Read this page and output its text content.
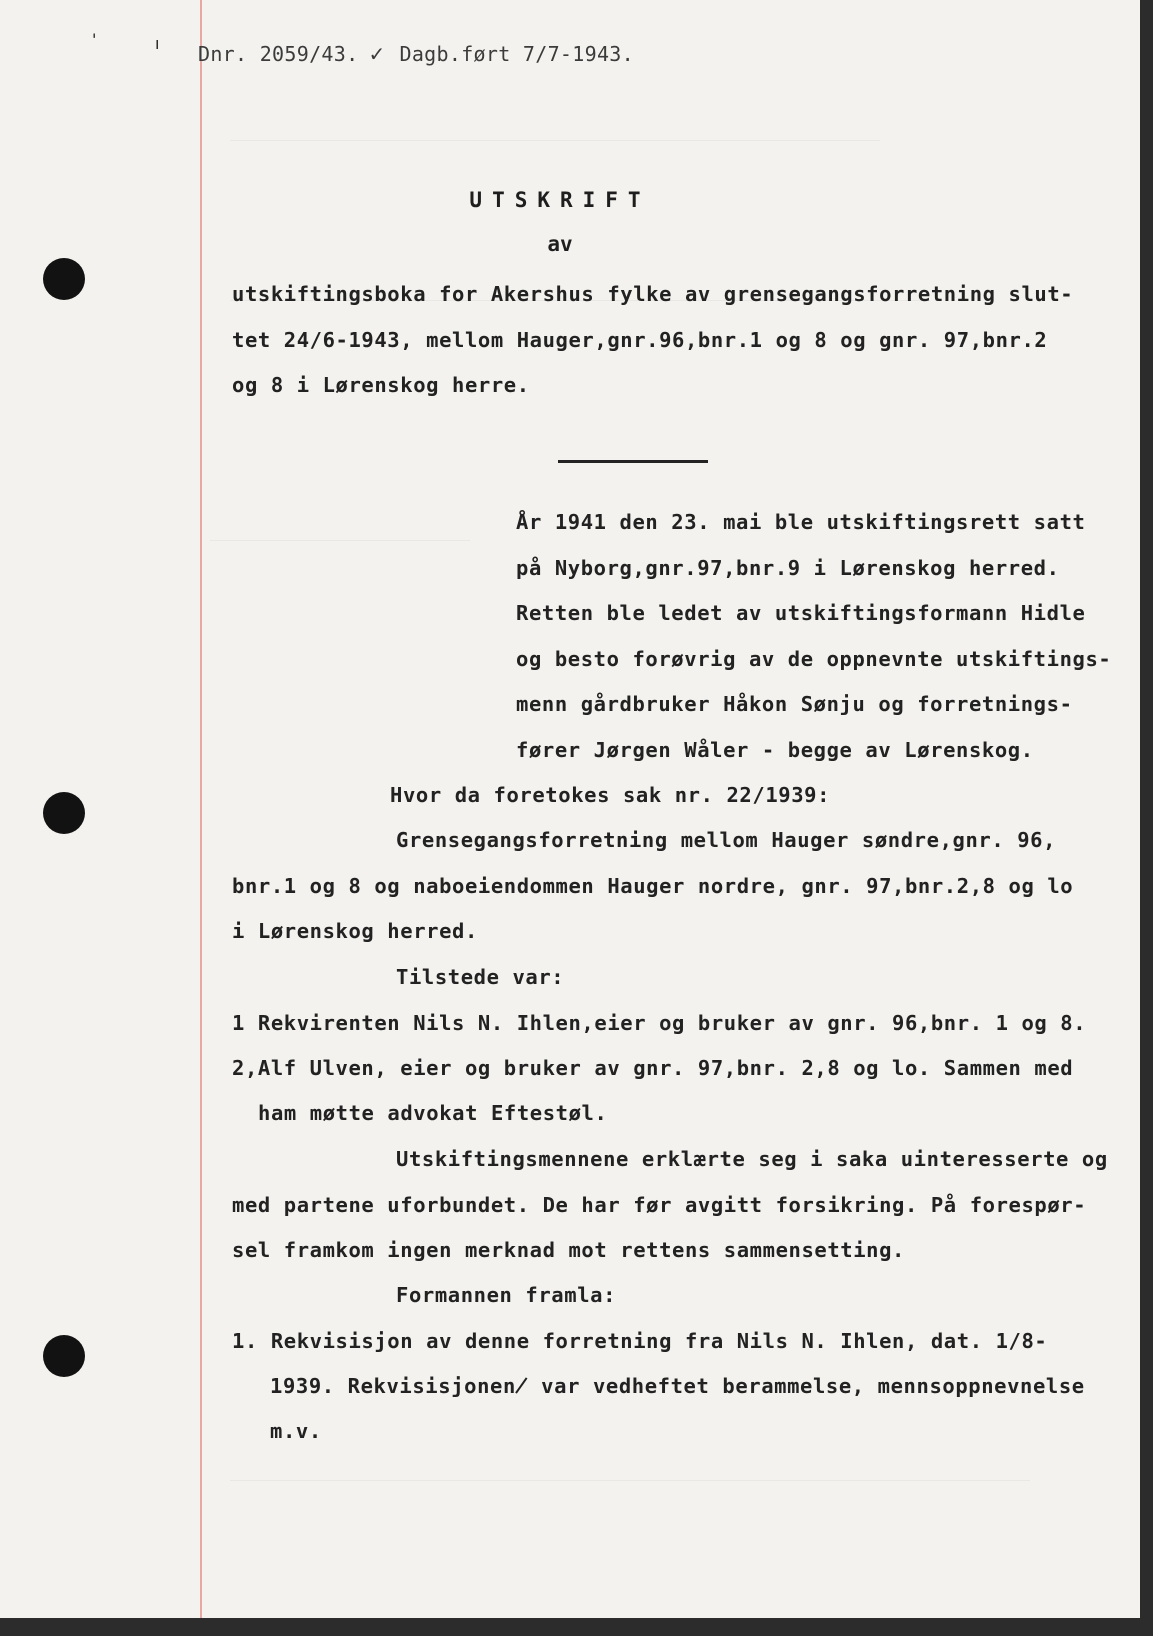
'	ı Dnr. 2059/43. ✓ Dagb.ført 7/7-1943.
UTSKRIFT
av
utskiftingsboka for Akershus fylke av grensegangsforretning slut-
tet 24/6-1943, mellom Hauger,gnr.96,bnr.1 og 8 og gnr. 97,bnr.2
og 8 i Lørenskog herre.
År 1941 den 23. mai ble utskiftingsrett satt
på Nyborg,gnr.97,bnr.9 i Lørenskog herred.
Retten ble ledet av utskiftingsformann Hidle
og besto forøvrig av de oppnevnte utskiftings-
menn gårdbruker Håkon Sønju og forretnings-
fører Jørgen Wåler - begge av Lørenskog.
Hvor da foretokes sak nr. 22/1939:
Grensegangsforretning mellom Hauger søndre,gnr. 96,
bnr.1 og 8 og naboeiendommen Hauger nordre, gnr. 97,bnr.2,8 og lo
i Lørenskog herred.
Tilstede var:
1 Rekvirenten Nils N. Ihlen,eier og bruker av gnr. 96,bnr. 1 og 8.
2,Alf Ulven, eier og bruker av gnr. 97,bnr. 2,8 og lo. Sammen med
ham møtte advokat Eftestøl.
Utskiftingsmennene erklærte seg i saka uinteresserte og
med partene uforbundet. De har før avgitt forsikring. På forespør-
sel framkom ingen merknad mot rettens sammensetting.
Formannen framla:
1. Rekvisisjon av denne forretning fra Nils N. Ihlen, dat. 1/8-
1939. Rekvisisjonen̸ var vedheftet berammelse, mennsoppnevnelse
m.v.
